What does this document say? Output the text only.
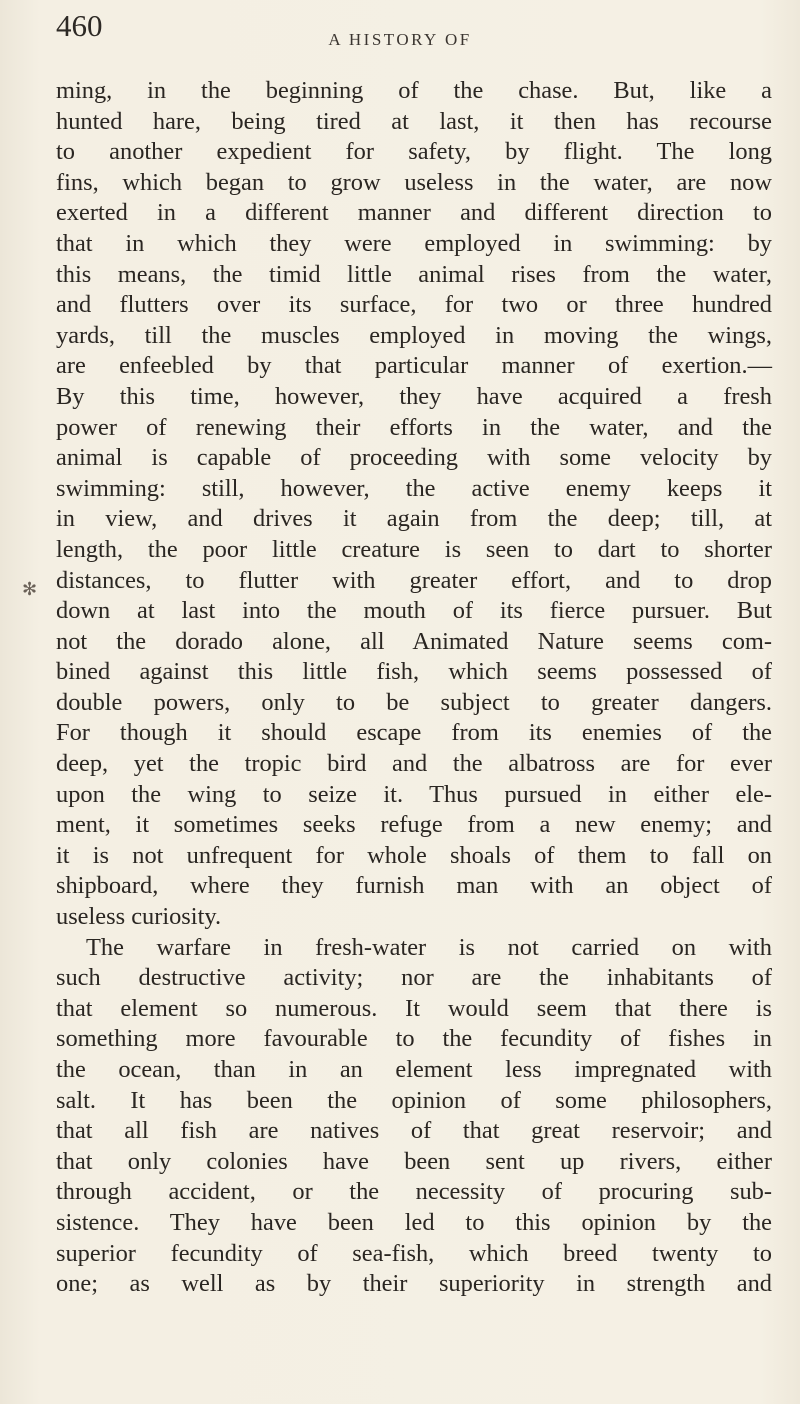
460	A HISTORY OF
✻
ming, in the beginning of the chase. But, like a
hunted hare, being tired at last, it then has recourse
to another expedient for safety, by flight. The long
fins, which began to grow useless in the water, are now
exerted in a different manner and different direction to
that in which they were employed in swimming: by
this means, the timid little animal rises from the water,
and flutters over its surface, for two or three hundred
yards, till the muscles employed in moving the wings,
are enfeebled by that particular manner of exertion.—
By this time, however, they have acquired a fresh
power of renewing their efforts in the water, and the
animal is capable of proceeding with some velocity by
swimming: still, however, the active enemy keeps it
in view, and drives it again from the deep; till, at
length, the poor little creature is seen to dart to shorter
distances, to flutter with greater effort, and to drop
down at last into the mouth of its fierce pursuer. But
not the dorado alone, all Animated Nature seems com-
bined against this little fish, which seems possessed of
double powers, only to be subject to greater dangers.
For though it should escape from its enemies of the
deep, yet the tropic bird and the albatross are for ever
upon the wing to seize it. Thus pursued in either ele-
ment, it sometimes seeks refuge from a new enemy; and
it is not unfrequent for whole shoals of them to fall on
shipboard, where they furnish man with an object of
useless curiosity.
The warfare in fresh-water is not carried on with
such destructive activity; nor are the inhabitants of
that element so numerous. It would seem that there is
something more favourable to the fecundity of fishes in
the ocean, than in an element less impregnated with
salt. It has been the opinion of some philosophers,
that all fish are natives of that great reservoir; and
that only colonies have been sent up rivers, either
through accident, or the necessity of procuring sub-
sistence. They have been led to this opinion by the
superior fecundity of sea-fish, which breed twenty to
one; as well as by their superiority in strength and
